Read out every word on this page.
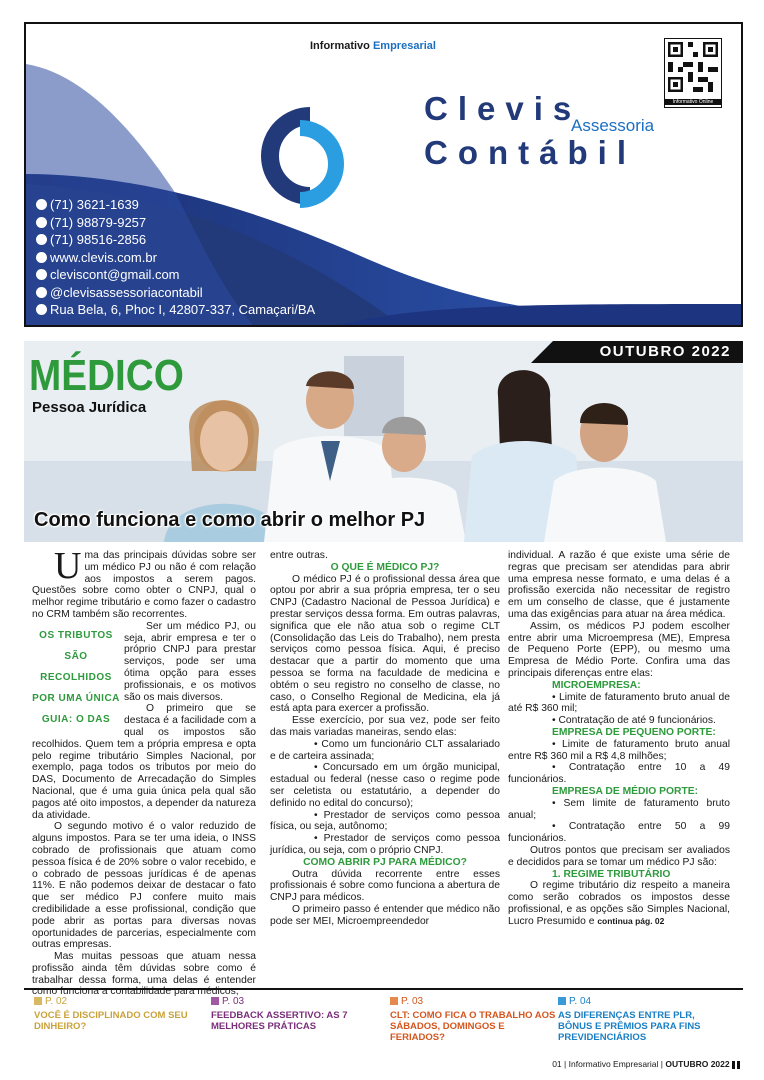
Informativo Empresarial
Informativo Online
Clevis
Assessoria
Contábil
(71) 3621-1639
(71) 98879-9257
(71) 98516-2856
www.clevis.com.br
cleviscont@gmail.com
@clevisassessoriacontabil
Rua Bela, 6, Phoc I, 42807-337, Camaçari/BA
OUTUBRO 2022
MÉDICO
Pessoa Jurídica
Como funciona e como abrir o melhor PJ
U ma das principais dúvidas sobre ser um médico PJ ou não é com relação aos impostos a serem pagos. Questões sobre como obter o CNPJ, qual o melhor regime tributário e como fazer o cadastro no CRM também são recorrentes.

OS TRIBUTOS
SÃO RECOLHIDOS
POR UMA ÚNICA
GUIA: O DAS

Ser um médico PJ, ou seja, abrir empresa e ter o próprio CNPJ para prestar serviços, pode ser uma ótima opção para esses profissionais, e os motivos são os mais diversos.

O primeiro que se destaca é a facilidade com a qual os impostos são recolhidos. Quem tem a própria empresa e opta pelo regime tributário Simples Nacional, por exemplo, paga todos os tributos por meio do DAS, Documento de Arrecadação do Simples Nacional, que é uma guia única pela qual são pagos até oito impostos, a depender da natureza da atividade.

O segundo motivo é o valor reduzido de alguns impostos. Para se ter uma ideia, o INSS cobrado de profissionais que atuam como pessoa física é de 20% sobre o valor recebido, e o cobrado de pessoas jurídicas é de apenas 11%. E não podemos deixar de destacar o fato que ser médico PJ confere muito mais credibilidade a esse profissional, condição que pode abrir as portas para diversas novas oportunidades de parcerias, especialmente com outras empresas.

Mas muitas pessoas que atuam nessa profissão ainda têm dúvidas sobre como é trabalhar dessa forma, uma delas é entender como funciona a contabilidade para médicos,

entre outras.

O QUE É MÉDICO PJ?

O médico PJ é o profissional dessa área que optou por abrir a sua própria empresa, ter o seu CNPJ (Cadastro Nacional de Pessoa Jurídica) e prestar serviços dessa forma. Em outras palavras, significa que ele não atua sob o regime CLT (Consolidação das Leis do Trabalho), nem presta serviços como pessoa física. Aqui, é preciso destacar que a partir do momento que uma pessoa se forma na faculdade de medicina e obtém o seu registro no conselho de classe, no caso, o Conselho Regional de Medicina, ela já está apta para exercer a profissão.

Esse exercício, por sua vez, pode ser feito das mais variadas maneiras, sendo elas:

• Como um funcionário CLT assalariado e de carteira assinada;

• Concursado em um órgão municipal, estadual ou federal (nesse caso o regime pode ser celetista ou estatutário, a depender do definido no edital do concurso);

• Prestador de serviços como pessoa física, ou seja, autônomo;

• Prestador de serviços como pessoa jurídica, ou seja, com o próprio CNPJ.

COMO ABRIR PJ PARA MÉDICO?

Outra dúvida recorrente entre esses profissionais é sobre como funciona a abertura de CNPJ para médicos.

O primeiro passo é entender que médico não pode ser MEI, Microempreendedor

individual. A razão é que existe uma série de regras que precisam ser atendidas para abrir uma empresa nesse formato, e uma delas é a profissão exercida não necessitar de registro em um conselho de classe, que é justamente uma das exigências para atuar na área médica.

Assim, os médicos PJ podem escolher entre abrir uma Microempresa (ME), Empresa de Pequeno Porte (EPP), ou mesmo uma Empresa de Médio Porte. Confira uma das principais diferenças entre elas:

MICROEMPRESA:

• Limite de faturamento bruto anual de até R$ 360 mil;

• Contratação de até 9 funcionários.

EMPRESA DE PEQUENO PORTE:

• Limite de faturamento bruto anual entre R$ 360 mil a R$ 4,8 milhões;

• Contratação entre 10 a 49 funcionários.

EMPRESA DE MÉDIO PORTE:

• Sem limite de faturamento bruto anual;

• Contratação entre 50 a 99 funcionários.

Outros pontos que precisam ser avaliados e decididos para se tomar um médico PJ são:

1. REGIME TRIBUTÁRIO

O regime tributário diz respeito a maneira como serão cobrados os impostos desse profissional, e as opções são Simples Nacional, Lucro Presumido e continua pág. 02

P. 02
VOCÊ É DISCIPLINADO COM SEU DINHEIRO?
P. 03
FEEDBACK ASSERTIVO: AS 7 MELHORES PRÁTICAS
P. 03
CLT: COMO FICA O TRABALHO AOS SÁBADOS, DOMINGOS E FERIADOS?
P. 04
AS DIFERENÇAS ENTRE PLR, BÔNUS E PRÊMIOS PARA FINS PREVIDENCIÁRIOS
01 | Informativo Empresarial | OUTUBRO 2022
